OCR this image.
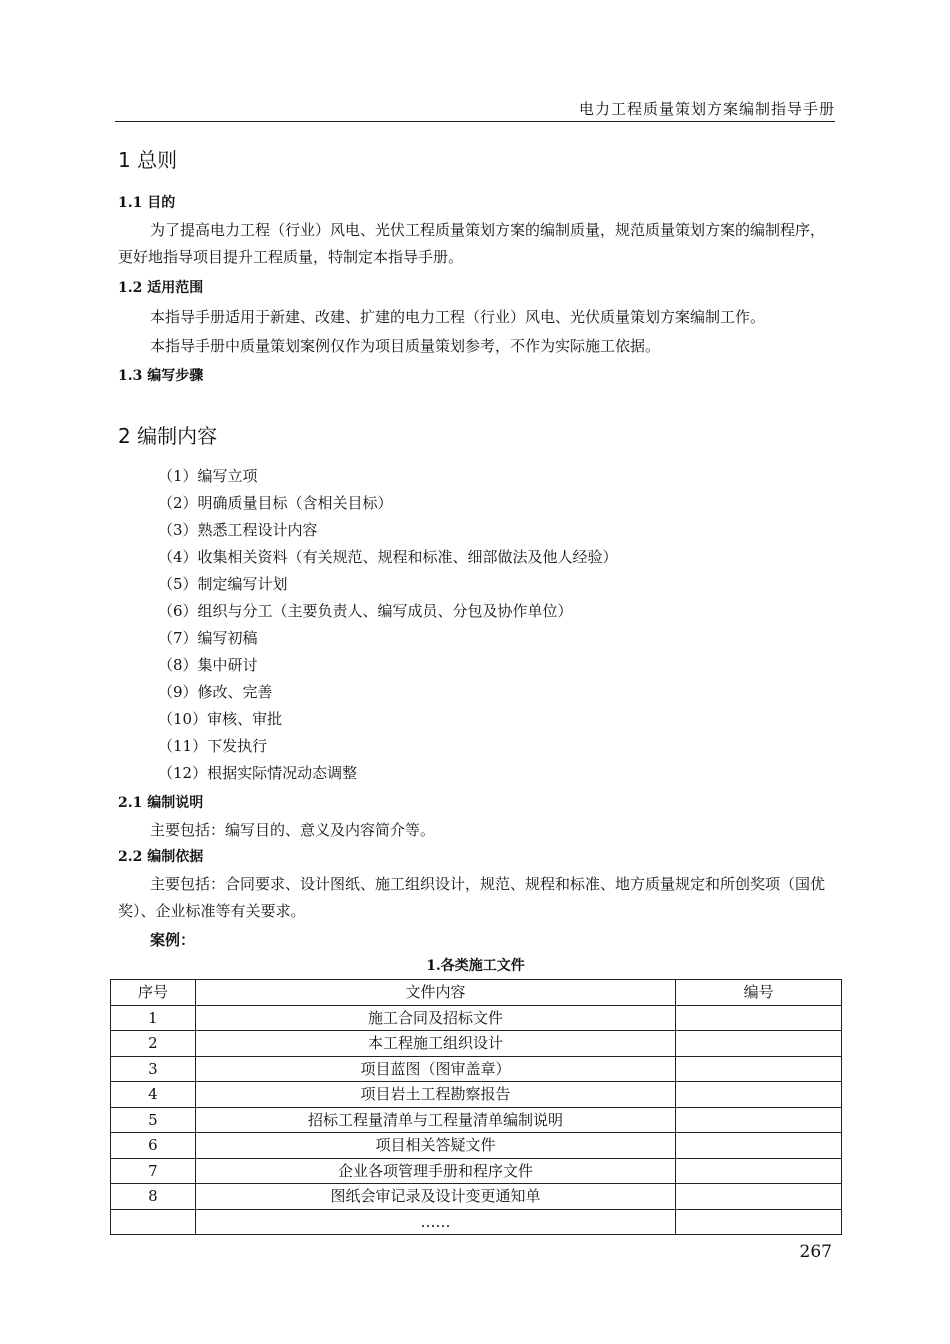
电力工程质量策划方案编制指导手册
1 总则
1.1 目的

为了提高电力工程（行业）风电、光伏工程质量策划方案的编制质量，规范质量策划方案的编制程序，更好地指导项目提升工程质量，特制定本指导手册。

1.2 适用范围

本指导手册适用于新建、改建、扩建的电力工程（行业）风电、光伏质量策划方案编制工作。

本指导手册中质量策划案例仅作为项目质量策划参考，不作为实际施工依据。

1.3 编写步骤
2 编制内容
（1）编写立项
（2）明确质量目标（含相关目标）
（3）熟悉工程设计内容
（4）收集相关资料（有关规范、规程和标准、细部做法及他人经验）
（5）制定编写计划
（6）组织与分工（主要负责人、编写成员、分包及协作单位）
（7）编写初稿
（8）集中研讨
（9）修改、完善
（10）审核、审批
（11）下发执行
（12）根据实际情况动态调整
2.1 编制说明

主要包括：编写目的、意义及内容简介等。

2.2 编制依据

主要包括：合同要求、设计图纸、施工组织设计，规范、规程和标准、地方质量规定和所创奖项（国优奖）、企业标准等有关要求。

案例：
1.各类施工文件
序号	文件内容	编号
1	施工合同及招标文件	
2	本工程施工组织设计	
3	项目蓝图（图审盖章）	
4	项目岩土工程勘察报告	
5	招标工程量清单与工程量清单编制说明	
6	项目相关答疑文件	
7	企业各项管理手册和程序文件	
8	图纸会审记录及设计变更通知单	
	……	
267
